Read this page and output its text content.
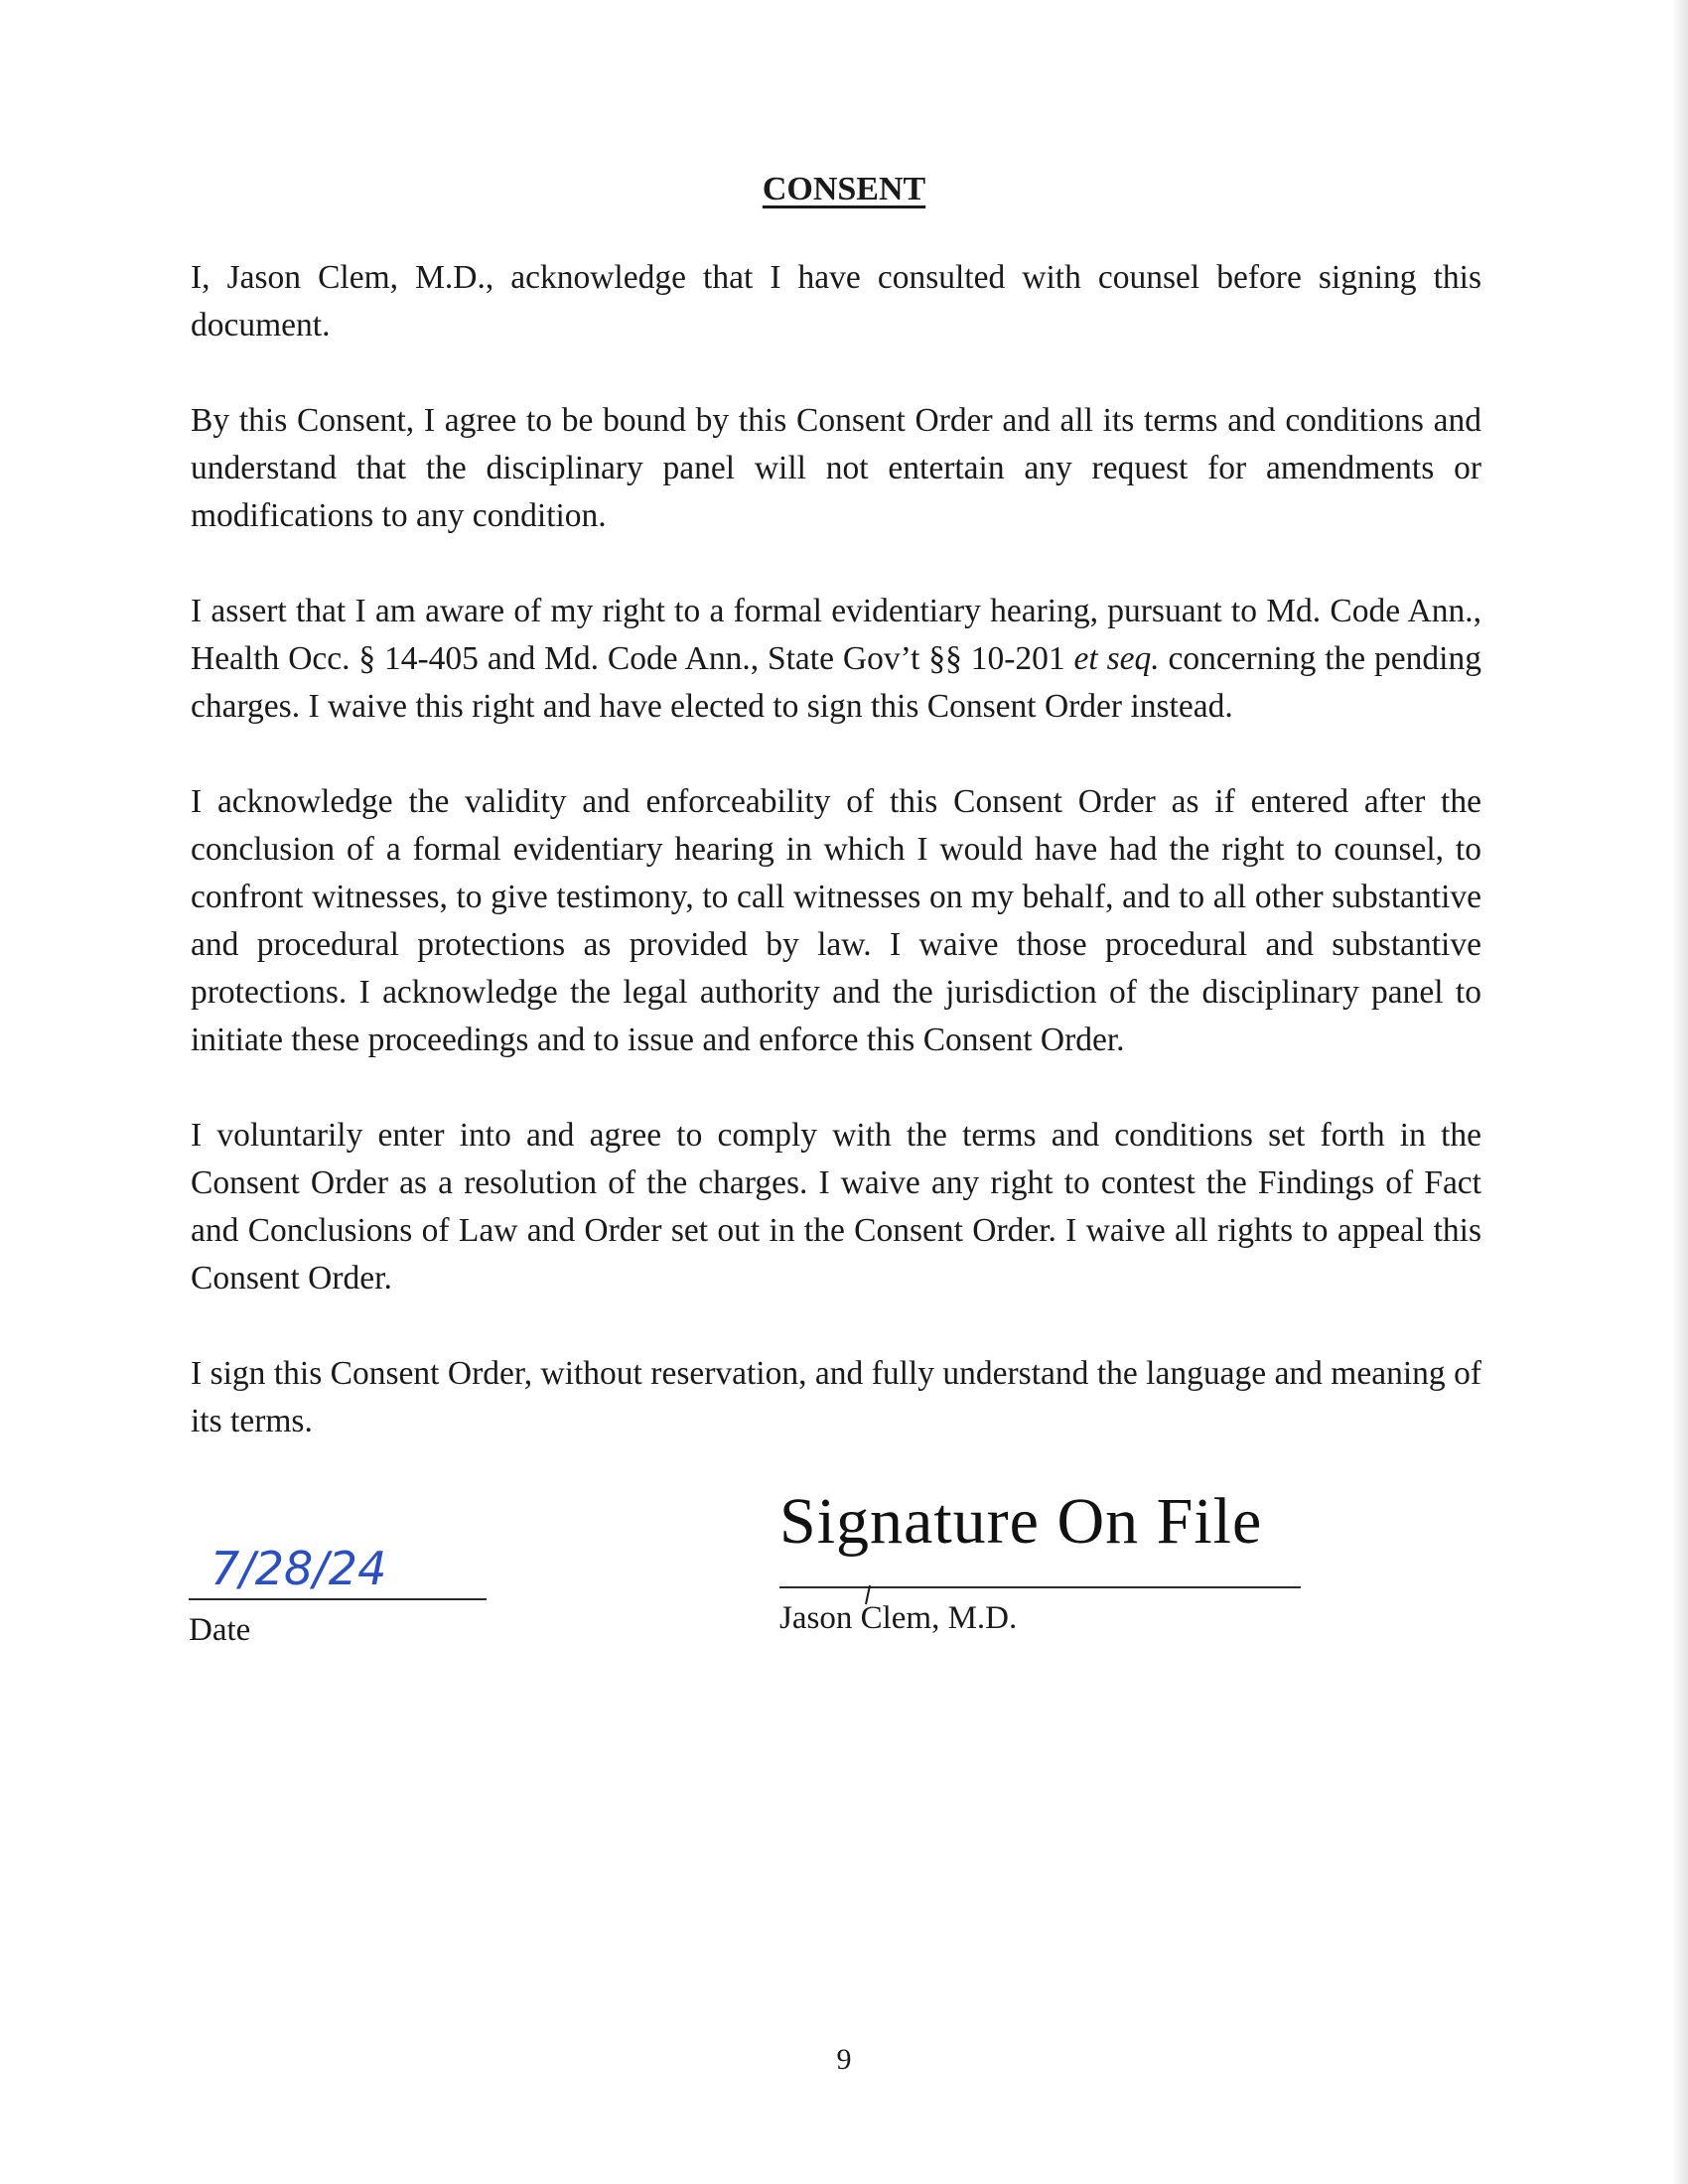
CONSENT

I, Jason Clem, M.D., acknowledge that I have consulted with counsel before signing this document.

By this Consent, I agree to be bound by this Consent Order and all its terms and conditions and understand that the disciplinary panel will not entertain any request for amendments or modifications to any condition.

I assert that I am aware of my right to a formal evidentiary hearing, pursuant to Md. Code Ann., Health Occ. § 14-405 and Md. Code Ann., State Gov’t §§ 10-201 et seq. concerning the pending charges. I waive this right and have elected to sign this Consent Order instead.

I acknowledge the validity and enforceability of this Consent Order as if entered after the conclusion of a formal evidentiary hearing in which I would have had the right to counsel, to confront witnesses, to give testimony, to call witnesses on my behalf, and to all other substantive and procedural protections as provided by law. I waive those procedural and substantive protections. I acknowledge the legal authority and the jurisdiction of the disciplinary panel to initiate these proceedings and to issue and enforce this Consent Order.

I voluntarily enter into and agree to comply with the terms and conditions set forth in the Consent Order as a resolution of the charges. I waive any right to contest the Findings of Fact and Conclusions of Law and Order set out in the Consent Order. I waive all rights to appeal this Consent Order.

I sign this Consent Order, without reservation, and fully understand the language and meaning of its terms.

7/28/24
Date
Signature On File
Jason Clem, M.D.
9
